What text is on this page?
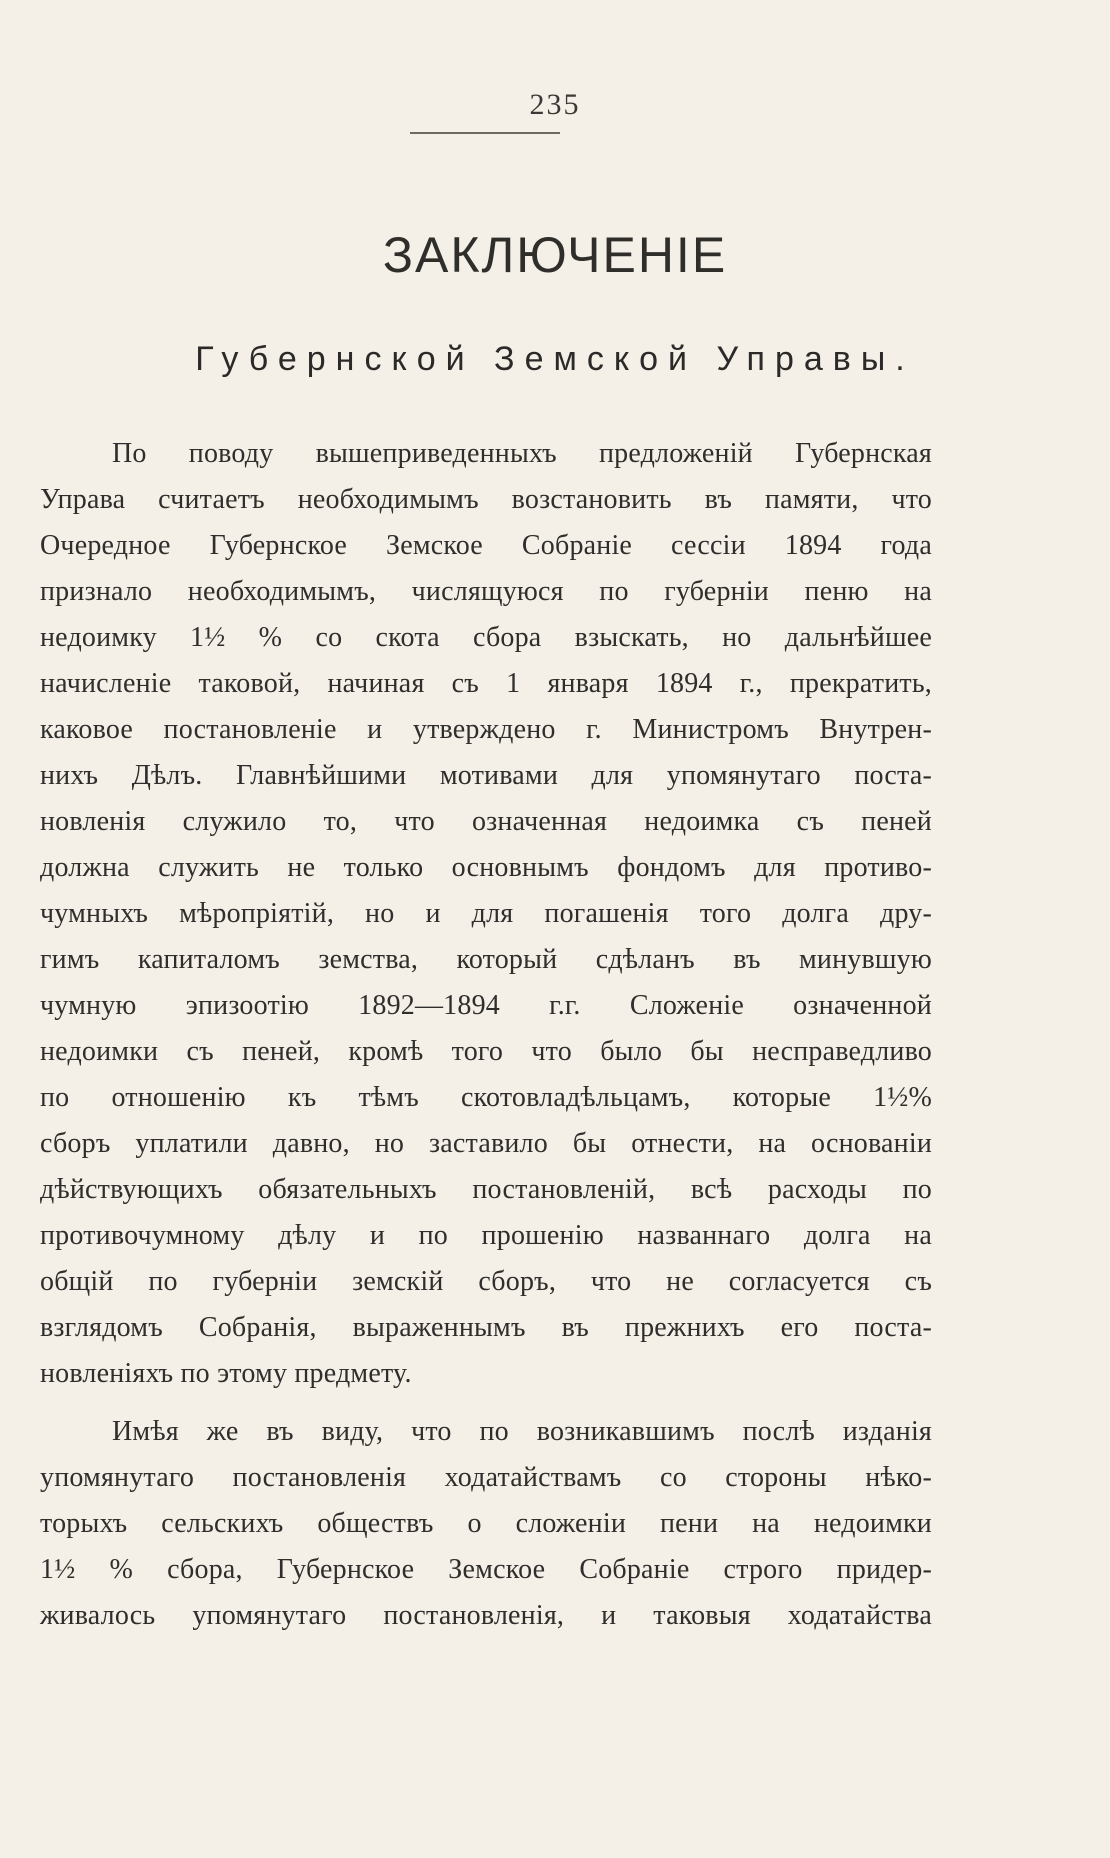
235
ЗАКЛЮЧЕНІЕ
Губернской Земской Управы.
По поводу вышеприведенныхъ предложеній Губернская
Управа считаетъ необходимымъ возстановить въ памяти, что
Очередное Губернское Земское Собраніе сессіи 1894 года
признало необходимымъ, числящуюся по губерніи пеню на
недоимку 1½ % со скота сбора взыскать, но дальнѣйшее
начисленіе таковой, начиная съ 1 января 1894 г., прекратить,
каковое постановленіе и утверждено г. Министромъ Внутрен-
нихъ Дѣлъ. Главнѣйшими мотивами для упомянутаго поста-
новленія служило то, что означенная недоимка съ пеней
должна служить не только основнымъ фондомъ для противо-
чумныхъ мѣропріятій, но и для погашенія того долга дру-
гимъ капиталомъ земства, который сдѣланъ въ минувшую
чумную эпизоотію 1892—1894 г.г. Сложеніе означенной
недоимки съ пеней, кромѣ того что было бы несправедливо
по отношенію къ тѣмъ скотовладѣльцамъ, которые 1½%
сборъ уплатили давно, но заставило бы отнести, на основаніи
дѣйствующихъ обязательныхъ постановленій, всѣ расходы по
противочумному дѣлу и по прошенію названнаго долга на
общій по губерніи земскій сборъ, что не согласуется съ
взглядомъ Собранія, выраженнымъ въ прежнихъ его поста-
новленіяхъ по этому предмету.
Имѣя же въ виду, что по возникавшимъ послѣ изданія
упомянутаго постановленія ходатайствамъ со стороны нѣко-
торыхъ сельскихъ обществъ о сложеніи пени на недоимки
1½ % сбора, Губернское Земское Собраніе строго придер-
живалось упомянутаго постановленія, и таковыя ходатайства
